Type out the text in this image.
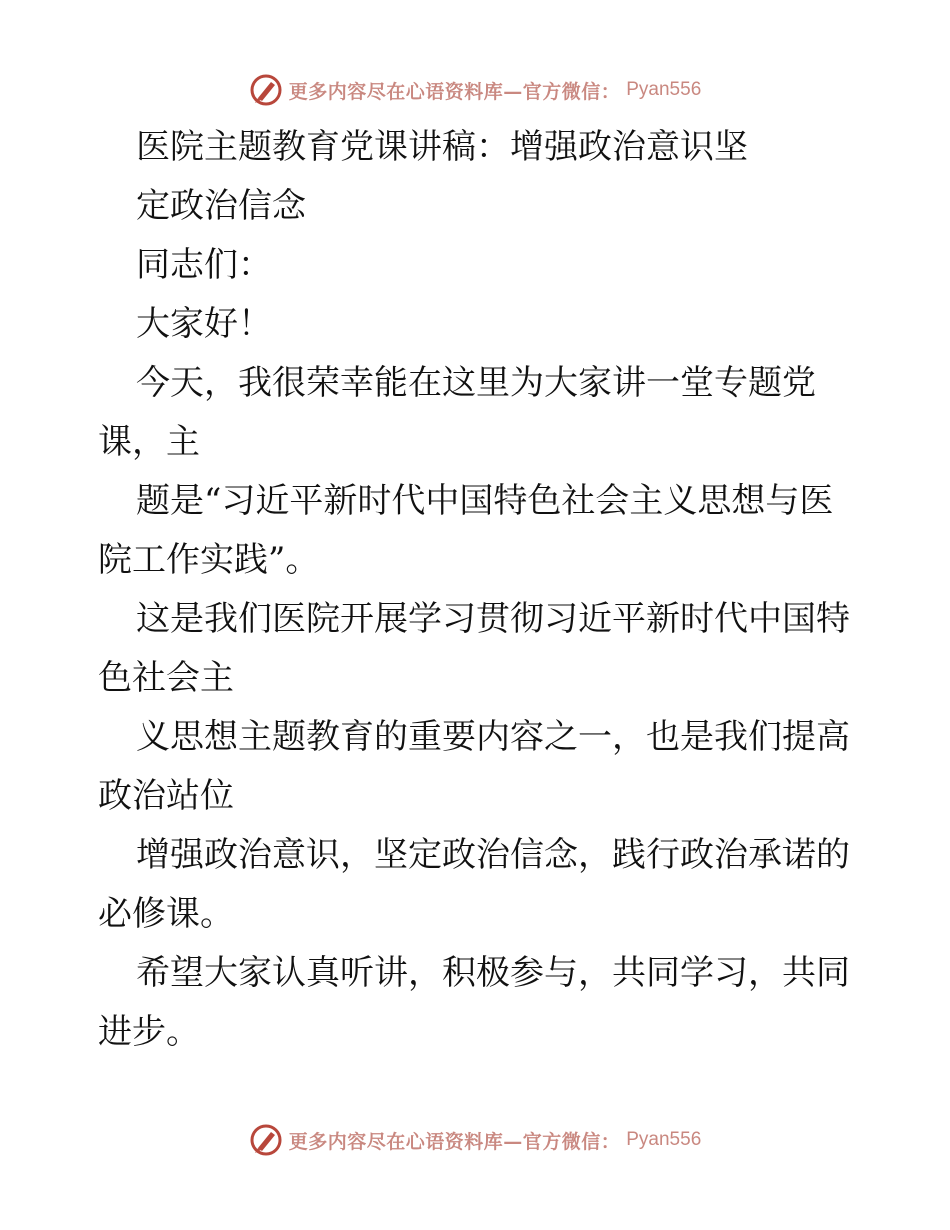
更多内容尽在心语资料库—官方微信： Pyan556
医院主题教育党课讲稿：增强政治意识坚
定政治信念
同志们：
大家好！
今天，我很荣幸能在这里为大家讲一堂专题党
课，主
题是“习近平新时代中国特色社会主义思想与医
院工作实践”。
这是我们医院开展学习贯彻习近平新时代中国特
色社会主
义思想主题教育的重要内容之一，也是我们提高
政治站位
增强政治意识，坚定政治信念，践行政治承诺的
必修课。
希望大家认真听讲，积极参与，共同学习，共同
进步。
更多内容尽在心语资料库—官方微信： Pyan556
